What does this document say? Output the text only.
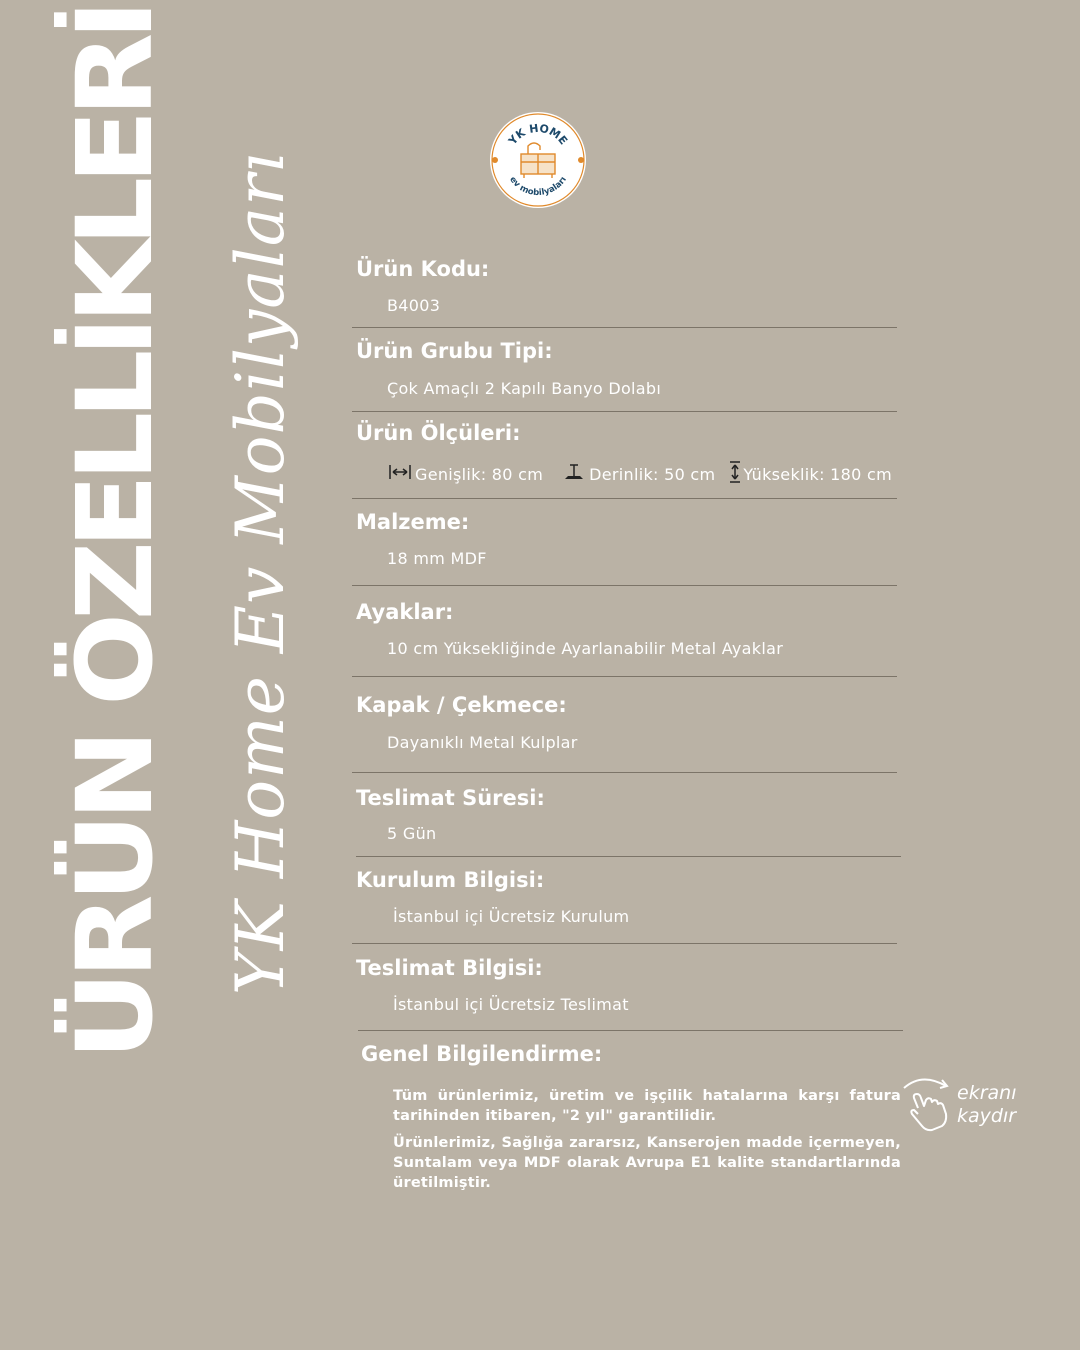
YK HOME
ev mobilyaları
ÜRÜN ÖZELLİKLERİ YK Home Ev Mobilyaları	Ürün Kodu:
B4003
Ürün Grubu Tipi:
Çok Amaçlı 2 Kapılı Banyo Dolabı
Ürün Ölçüleri:
Genişlik: 80 cm	Derinlik: 50 cm Yükseklik: 180 cm
Malzeme:
18 mm MDF
Ayaklar:
10 cm Yüksekliğinde Ayarlanabilir Metal Ayaklar
Kapak / Çekmece:
Dayanıklı Metal Kulplar
Teslimat Süresi:
5 Gün
Kurulum Bilgisi:
İstanbul içi Ücretsiz Kurulum
Teslimat Bilgisi:
İstanbul içi Ücretsiz Teslimat
Genel Bilgilendirme:
Tüm ürünlerimiz, üretim ve işçilik hatalarına karşı fatura tarihinden itibaren, "2 yıl" garantilidir.
Ürünlerimiz, Sağlığa zararsız, Kanserojen madde içermeyen, Suntalam veya MDF olarak Avrupa E1 kalite standartlarında üretilmiştir.
ekranı
kaydır
